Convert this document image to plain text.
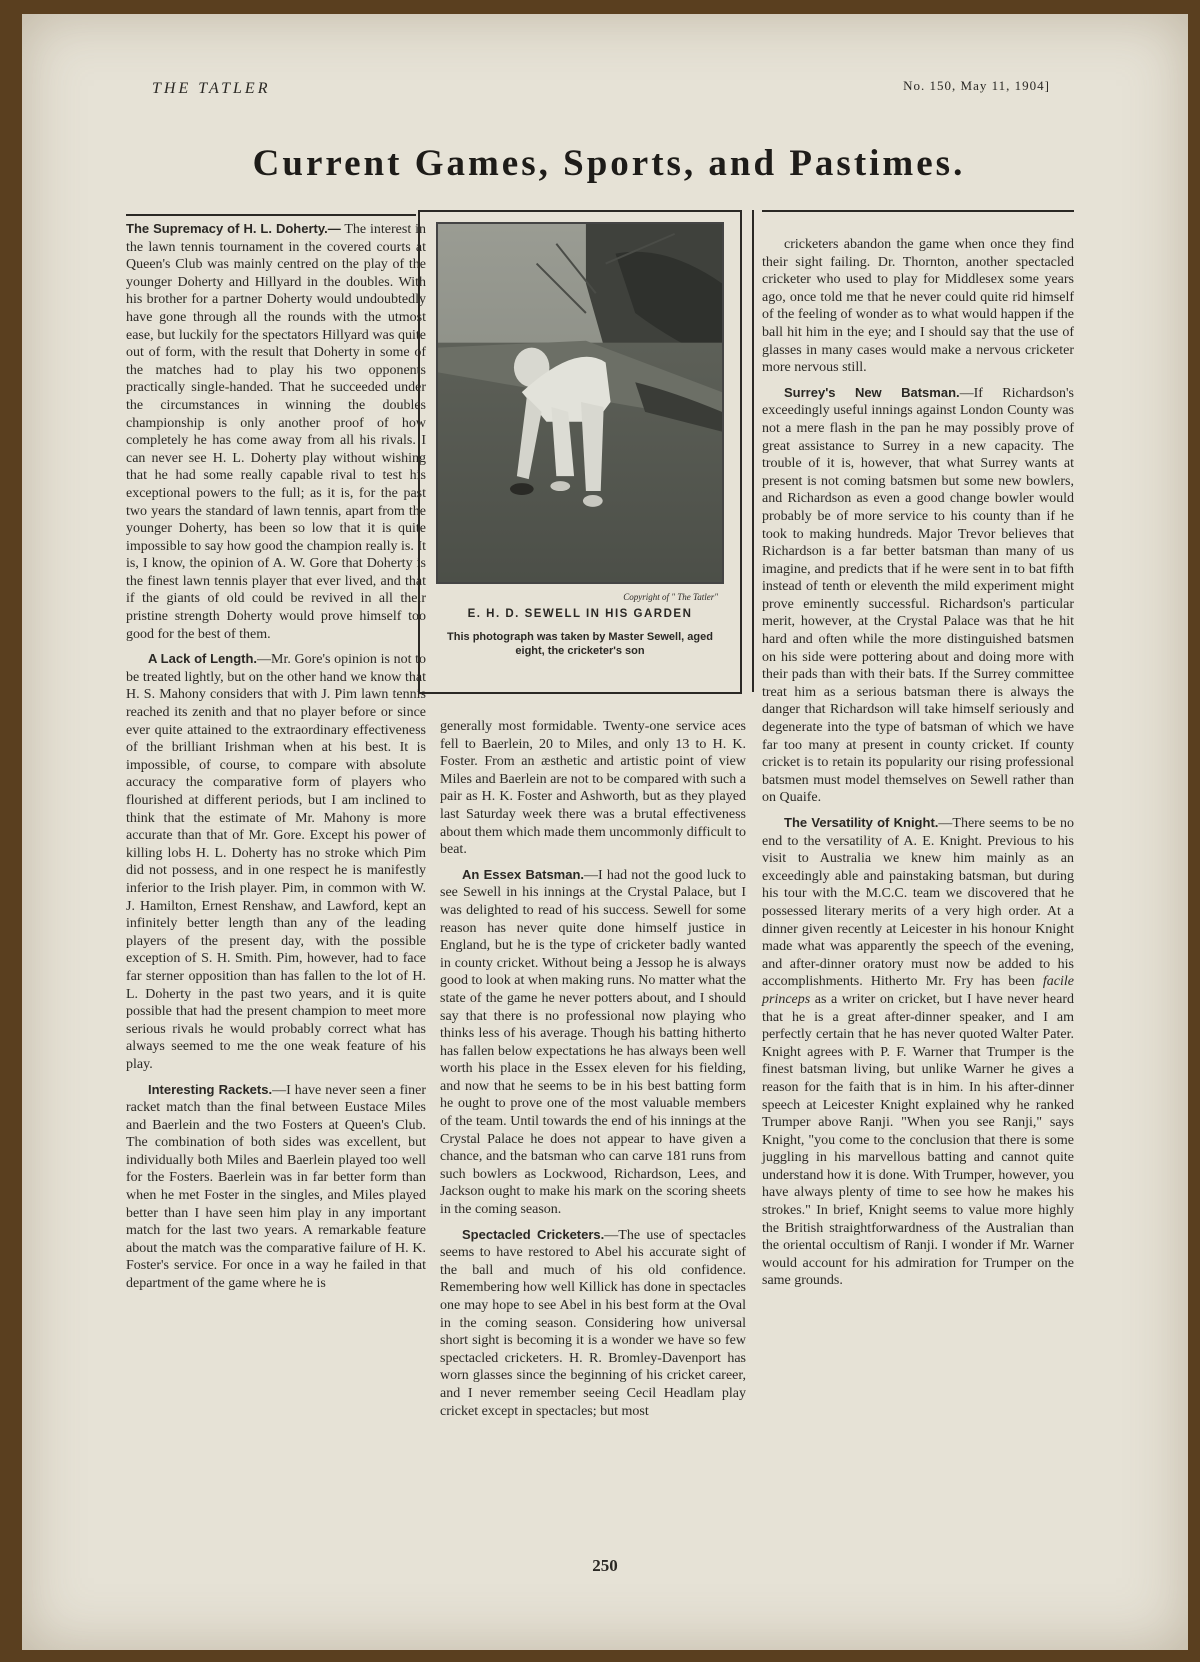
THE TATLER	No. 150, May 11, 1904]
Current Games, Sports, and Pastimes.
Copyright of " The Tatler"
E. H. D. SEWELL IN HIS GARDEN
This photograph was taken by Master Sewell, aged eight, the cricketer's son

The Supremacy of H. L. Doherty.— The interest in the lawn tennis tournament in the covered courts at Queen's Club was mainly centred on the play of the younger Doherty and Hillyard in the doubles. With his brother for a partner Doherty would undoubtedly have gone through all the rounds with the utmost ease, but luckily for the spectators Hillyard was quite out of form, with the result that Doherty in some of the matches had to play his two opponents practically single-handed. That he succeeded under the circumstances in winning the doubles championship is only another proof of how completely he has come away from all his rivals. I can never see H. L. Doherty play without wishing that he had some really capable rival to test his exceptional powers to the full; as it is, for the past two years the standard of lawn tennis, apart from the younger Doherty, has been so low that it is quite impossible to say how good the champion really is. It is, I know, the opinion of A. W. Gore that Doherty is the finest lawn tennis player that ever lived, and that if the giants of old could be revived in all their pristine strength Doherty would prove himself too good for the best of them.

A Lack of Length.—Mr. Gore's opinion is not to be treated lightly, but on the other hand we know that H. S. Mahony considers that with J. Pim lawn tennis reached its zenith and that no player before or since ever quite attained to the extraordinary effectiveness of the brilliant Irishman when at his best. It is impossible, of course, to compare with absolute accuracy the comparative form of players who flourished at different periods, but I am inclined to think that the estimate of Mr. Mahony is more accurate than that of Mr. Gore. Except his power of killing lobs H. L. Doherty has no stroke which Pim did not possess, and in one respect he is manifestly inferior to the Irish player. Pim, in common with W. J. Hamilton, Ernest Renshaw, and Lawford, kept an infinitely better length than any of the leading players of the present day, with the possible exception of S. H. Smith. Pim, however, had to face far sterner opposition than has fallen to the lot of H. L. Doherty in the past two years, and it is quite possible that had the present champion to meet more serious rivals he would probably correct what has always seemed to me the one weak feature of his play.

Interesting Rackets.—I have never seen a finer racket match than the final between Eustace Miles and Baerlein and the two Fosters at Queen's Club. The combination of both sides was excellent, but individually both Miles and Baerlein played too well for the Fosters. Baerlein was in far better form than when he met Foster in the singles, and Miles played better than I have seen him play in any important match for the last two years. A remarkable feature about the match was the comparative failure of H. K. Foster's service. For once in a way he failed in that department of the game where he is

generally most formidable. Twenty-one service aces fell to Baerlein, 20 to Miles, and only 13 to H. K. Foster. From an æsthetic and artistic point of view Miles and Baerlein are not to be compared with such a pair as H. K. Foster and Ashworth, but as they played last Saturday week there was a brutal effectiveness about them which made them uncommonly difficult to beat.

An Essex Batsman.—I had not the good luck to see Sewell in his innings at the Crystal Palace, but I was delighted to read of his success. Sewell for some reason has never quite done himself justice in England, but he is the type of cricketer badly wanted in county cricket. Without being a Jessop he is always good to look at when making runs. No matter what the state of the game he never potters about, and I should say that there is no professional now playing who thinks less of his average. Though his batting hitherto has fallen below expectations he has always been well worth his place in the Essex eleven for his fielding, and now that he seems to be in his best batting form he ought to prove one of the most valuable members of the team. Until towards the end of his innings at the Crystal Palace he does not appear to have given a chance, and the batsman who can carve 181 runs from such bowlers as Lockwood, Richardson, Lees, and Jackson ought to make his mark on the scoring sheets in the coming season.

Spectacled Cricketers.—The use of spectacles seems to have restored to Abel his accurate sight of the ball and much of his old confidence. Remembering how well Killick has done in spectacles one may hope to see Abel in his best form at the Oval in the coming season. Considering how universal short sight is becoming it is a wonder we have so few spectacled cricketers. H. R. Bromley-Davenport has worn glasses since the beginning of his cricket career, and I never remember seeing Cecil Headlam play cricket except in spectacles; but most

cricketers abandon the game when once they find their sight failing. Dr. Thornton, another spectacled cricketer who used to play for Middlesex some years ago, once told me that he never could quite rid himself of the feeling of wonder as to what would happen if the ball hit him in the eye; and I should say that the use of glasses in many cases would make a nervous cricketer more nervous still.

Surrey's New Batsman.—If Richardson's exceedingly useful innings against London County was not a mere flash in the pan he may possibly prove of great assistance to Surrey in a new capacity. The trouble of it is, however, that what Surrey wants at present is not coming batsmen but some new bowlers, and Richardson as even a good change bowler would probably be of more service to his county than if he took to making hundreds. Major Trevor believes that Richardson is a far better batsman than many of us imagine, and predicts that if he were sent in to bat fifth instead of tenth or eleventh the mild experiment might prove eminently successful. Richardson's particular merit, however, at the Crystal Palace was that he hit hard and often while the more distinguished batsmen on his side were pottering about and doing more with their pads than with their bats. If the Surrey committee treat him as a serious batsman there is always the danger that Richardson will take himself seriously and degenerate into the type of batsman of which we have far too many at present in county cricket. If county cricket is to retain its popularity our rising professional batsmen must model themselves on Sewell rather than on Quaife.

The Versatility of Knight.—There seems to be no end to the versatility of A. E. Knight. Previous to his visit to Australia we knew him mainly as an exceedingly able and painstaking batsman, but during his tour with the M.C.C. team we discovered that he possessed literary merits of a very high order. At a dinner given recently at Leicester in his honour Knight made what was apparently the speech of the evening, and after-dinner oratory must now be added to his accomplishments. Hitherto Mr. Fry has been facile princeps as a writer on cricket, but I have never heard that he is a great after-dinner speaker, and I am perfectly certain that he has never quoted Walter Pater. Knight agrees with P. F. Warner that Trumper is the finest batsman living, but unlike Warner he gives a reason for the faith that is in him. In his after-dinner speech at Leicester Knight explained why he ranked Trumper above Ranji. "When you see Ranji," says Knight, "you come to the conclusion that there is some juggling in his marvellous batting and cannot quite understand how it is done. With Trumper, however, you have always plenty of time to see how he makes his strokes." In brief, Knight seems to value more highly the British straightforwardness of the Australian than the oriental occultism of Ranji. I wonder if Mr. Warner would account for his admiration for Trumper on the same grounds.

250
